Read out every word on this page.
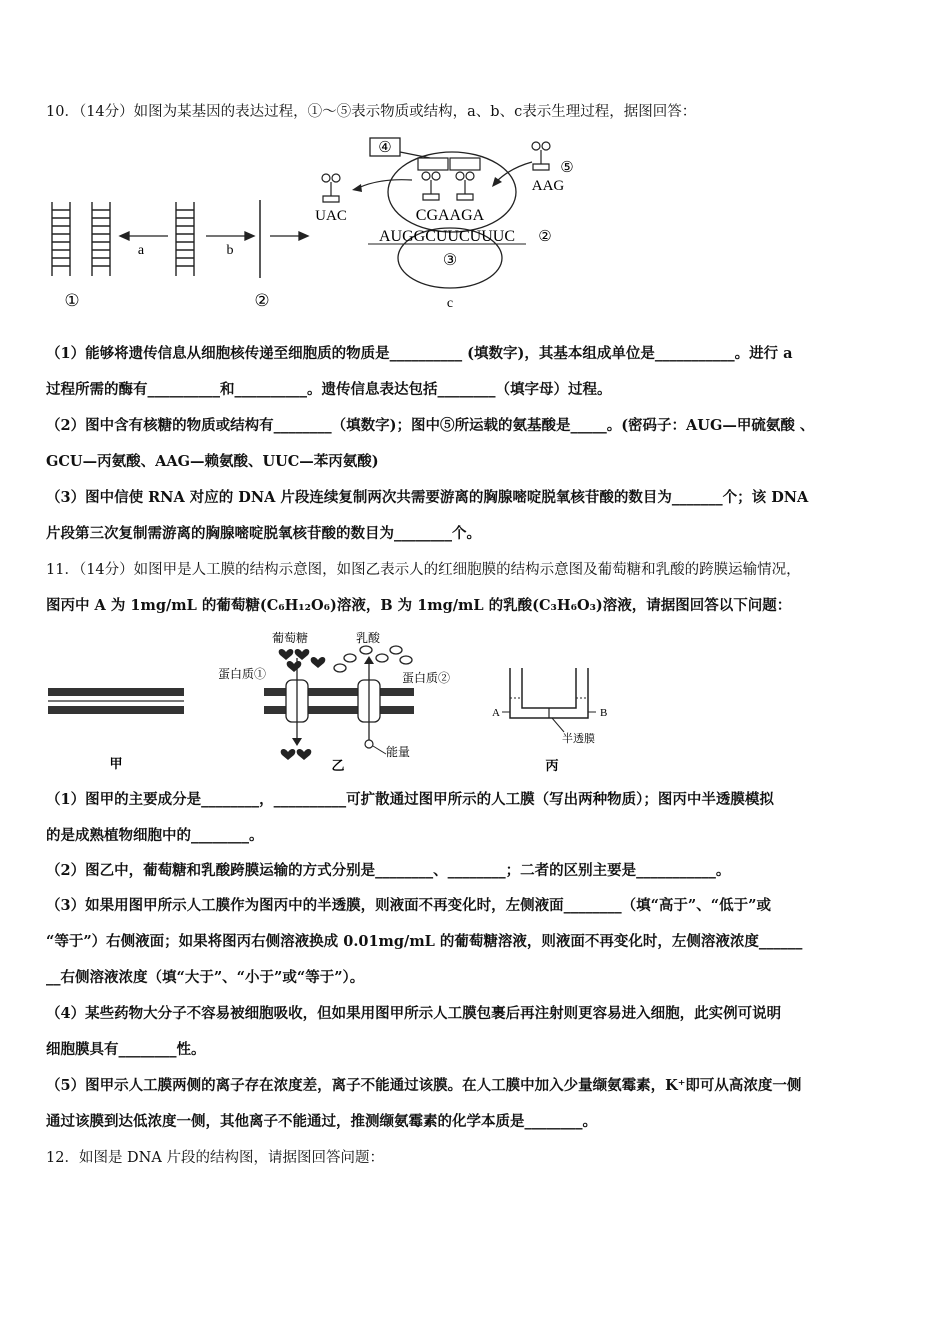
10．（14分）如图为某基因的表达过程，①～⑤表示物质或结构，a、b、c表示生理过程，据图回答：
①
a	b
②
④
UAC
AAG
⑤
CGAAGA
AUGGCUUCUUUC ②
③
c
（1）能够将遗传信息从细胞核传递至细胞质的物质是__________ (填数字)，其基本组成单位是___________。进行 a
过程所需的酶有__________和__________。遗传信息表达包括________（填字母）过程。
（2）图中含有核糖的物质或结构有________（填数字)；图中⑤所运载的氨基酸是_____。(密码子：AUG—甲硫氨酸 、
GCU—丙氨酸、AAG—赖氨酸、UUC—苯丙氨酸)
（3）图中信使 RNA 对应的 DNA 片段连续复制两次共需要游离的胸腺嘧啶脱氧核苷酸的数目为_______个；该 DNA
片段第三次复制需游离的胸腺嘧啶脱氧核苷酸的数目为________个。
11．（14分）如图甲是人工膜的结构示意图，如图乙表示人的红细胞膜的结构示意图及葡萄糖和乳酸的跨膜运输情况，
图丙中 A 为 1mg/mL 的葡萄糖(C₆H₁₂O₆)溶液，B 为 1mg/mL 的乳酸(C₃H₆O₃)溶液，请据图回答以下问题：
甲
葡萄糖	乳酸
蛋白质①	蛋白质②
能量
乙
A	B
半透膜
丙
（1）图甲的主要成分是________，__________可扩散通过图甲所示的人工膜（写出两种物质）；图丙中半透膜模拟
的是成熟植物细胞中的________。
（2）图乙中，葡萄糖和乳酸跨膜运输的方式分别是________、________；二者的区别主要是___________。
（3）如果用图甲所示人工膜作为图丙中的半透膜，则液面不再变化时，左侧液面________（填“高于”、“低于”或
“等于”）右侧液面；如果将图丙右侧溶液换成 0.01mg/mL 的葡萄糖溶液，则液面不再变化时，左侧溶液浓度______
__右侧溶液浓度（填“大于”、“小于”或“等于”）。
（4）某些药物大分子不容易被细胞吸收，但如果用图甲所示人工膜包裹后再注射则更容易进入细胞，此实例可说明
细胞膜具有________性。
（5）图甲示人工膜两侧的离子存在浓度差，离子不能通过该膜。在人工膜中加入少量缬氨霉素，K⁺即可从高浓度一侧
通过该膜到达低浓度一侧，其他离子不能通过，推测缬氨霉素的化学本质是________。
12．如图是 DNA 片段的结构图，请据图回答问题：
